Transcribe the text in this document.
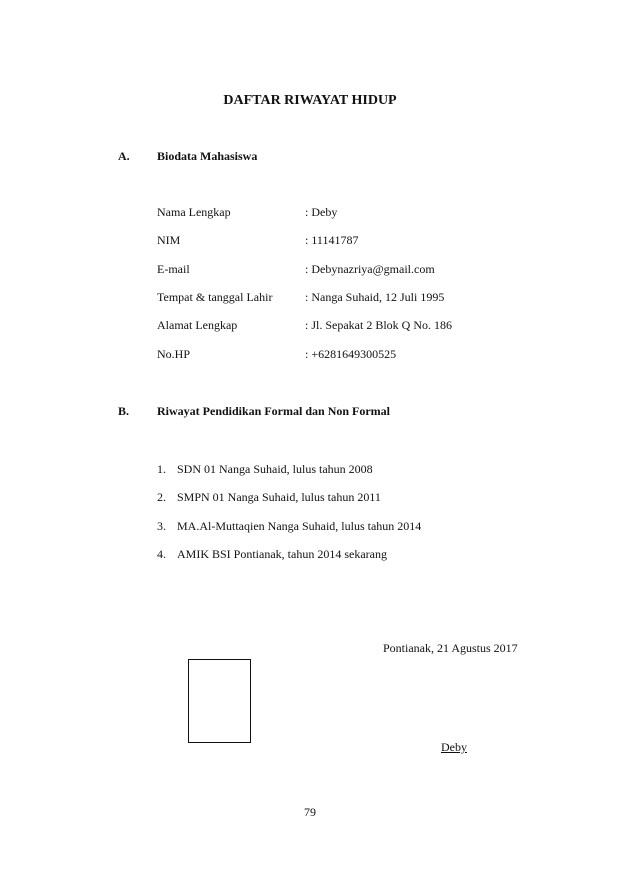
DAFTAR RIWAYAT HIDUP
A. Biodata Mahasiswa
Nama Lengkap	: Deby
NIM	: 11141787
E-mail	: Debynazriya@gmail.com
Tempat & tanggal Lahir	: Nanga Suhaid, 12 Juli 1995
Alamat Lengkap	: Jl. Sepakat 2 Blok Q No. 186
No.HP	: +6281649300525
B. Riwayat Pendidikan Formal dan Non Formal
1. SDN 01 Nanga Suhaid, lulus tahun 2008
2. SMPN 01 Nanga Suhaid, lulus tahun 2011
3. MA.Al-Muttaqien Nanga Suhaid, lulus tahun 2014
4. AMIK BSI Pontianak, tahun 2014 sekarang
Pontianak, 21 Agustus 2017
Deby
79
